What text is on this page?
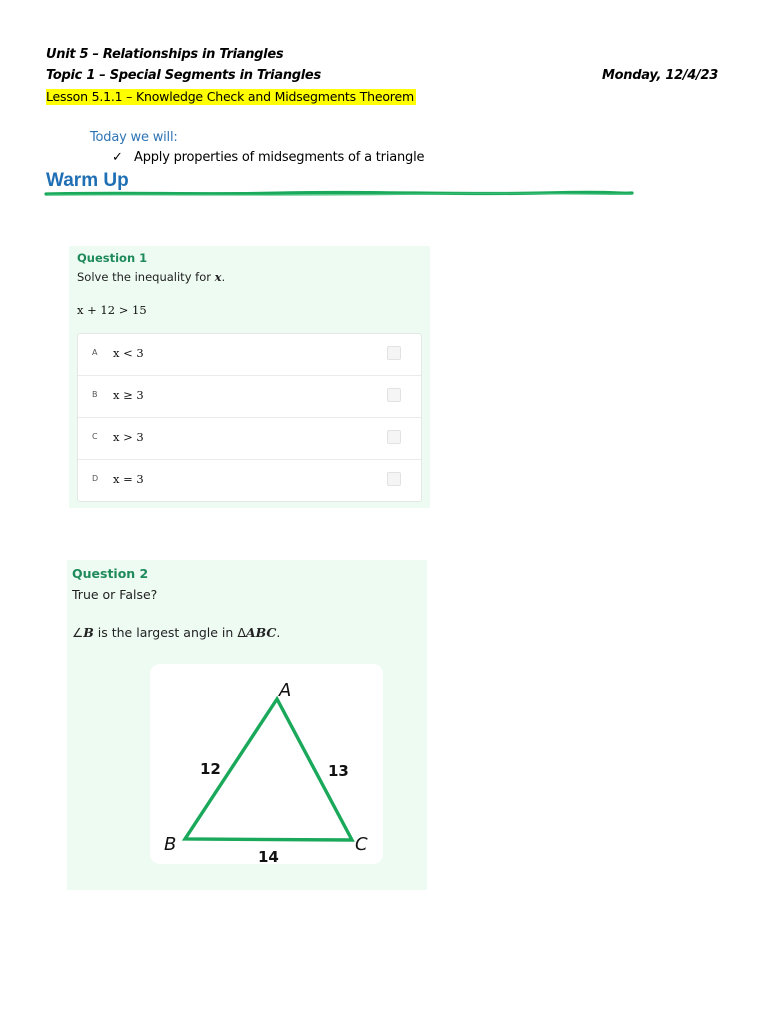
Unit 5 – Relationships in Triangles
Topic 1 – Special Segments in Triangles	Monday, 12/4/23
Lesson 5.1.1 – Knowledge Check and Midsegments Theorem
Today we will:
✓ Apply properties of midsegments of a triangle
Warm Up
Question 1
Solve the inequality for x.
x + 12 > 15
A x < 3
B x ≥ 3
C x > 3
D x = 3
Question 2
True or False?
∠B is the largest angle in ΔABC.
A
B	C
12	13
14
